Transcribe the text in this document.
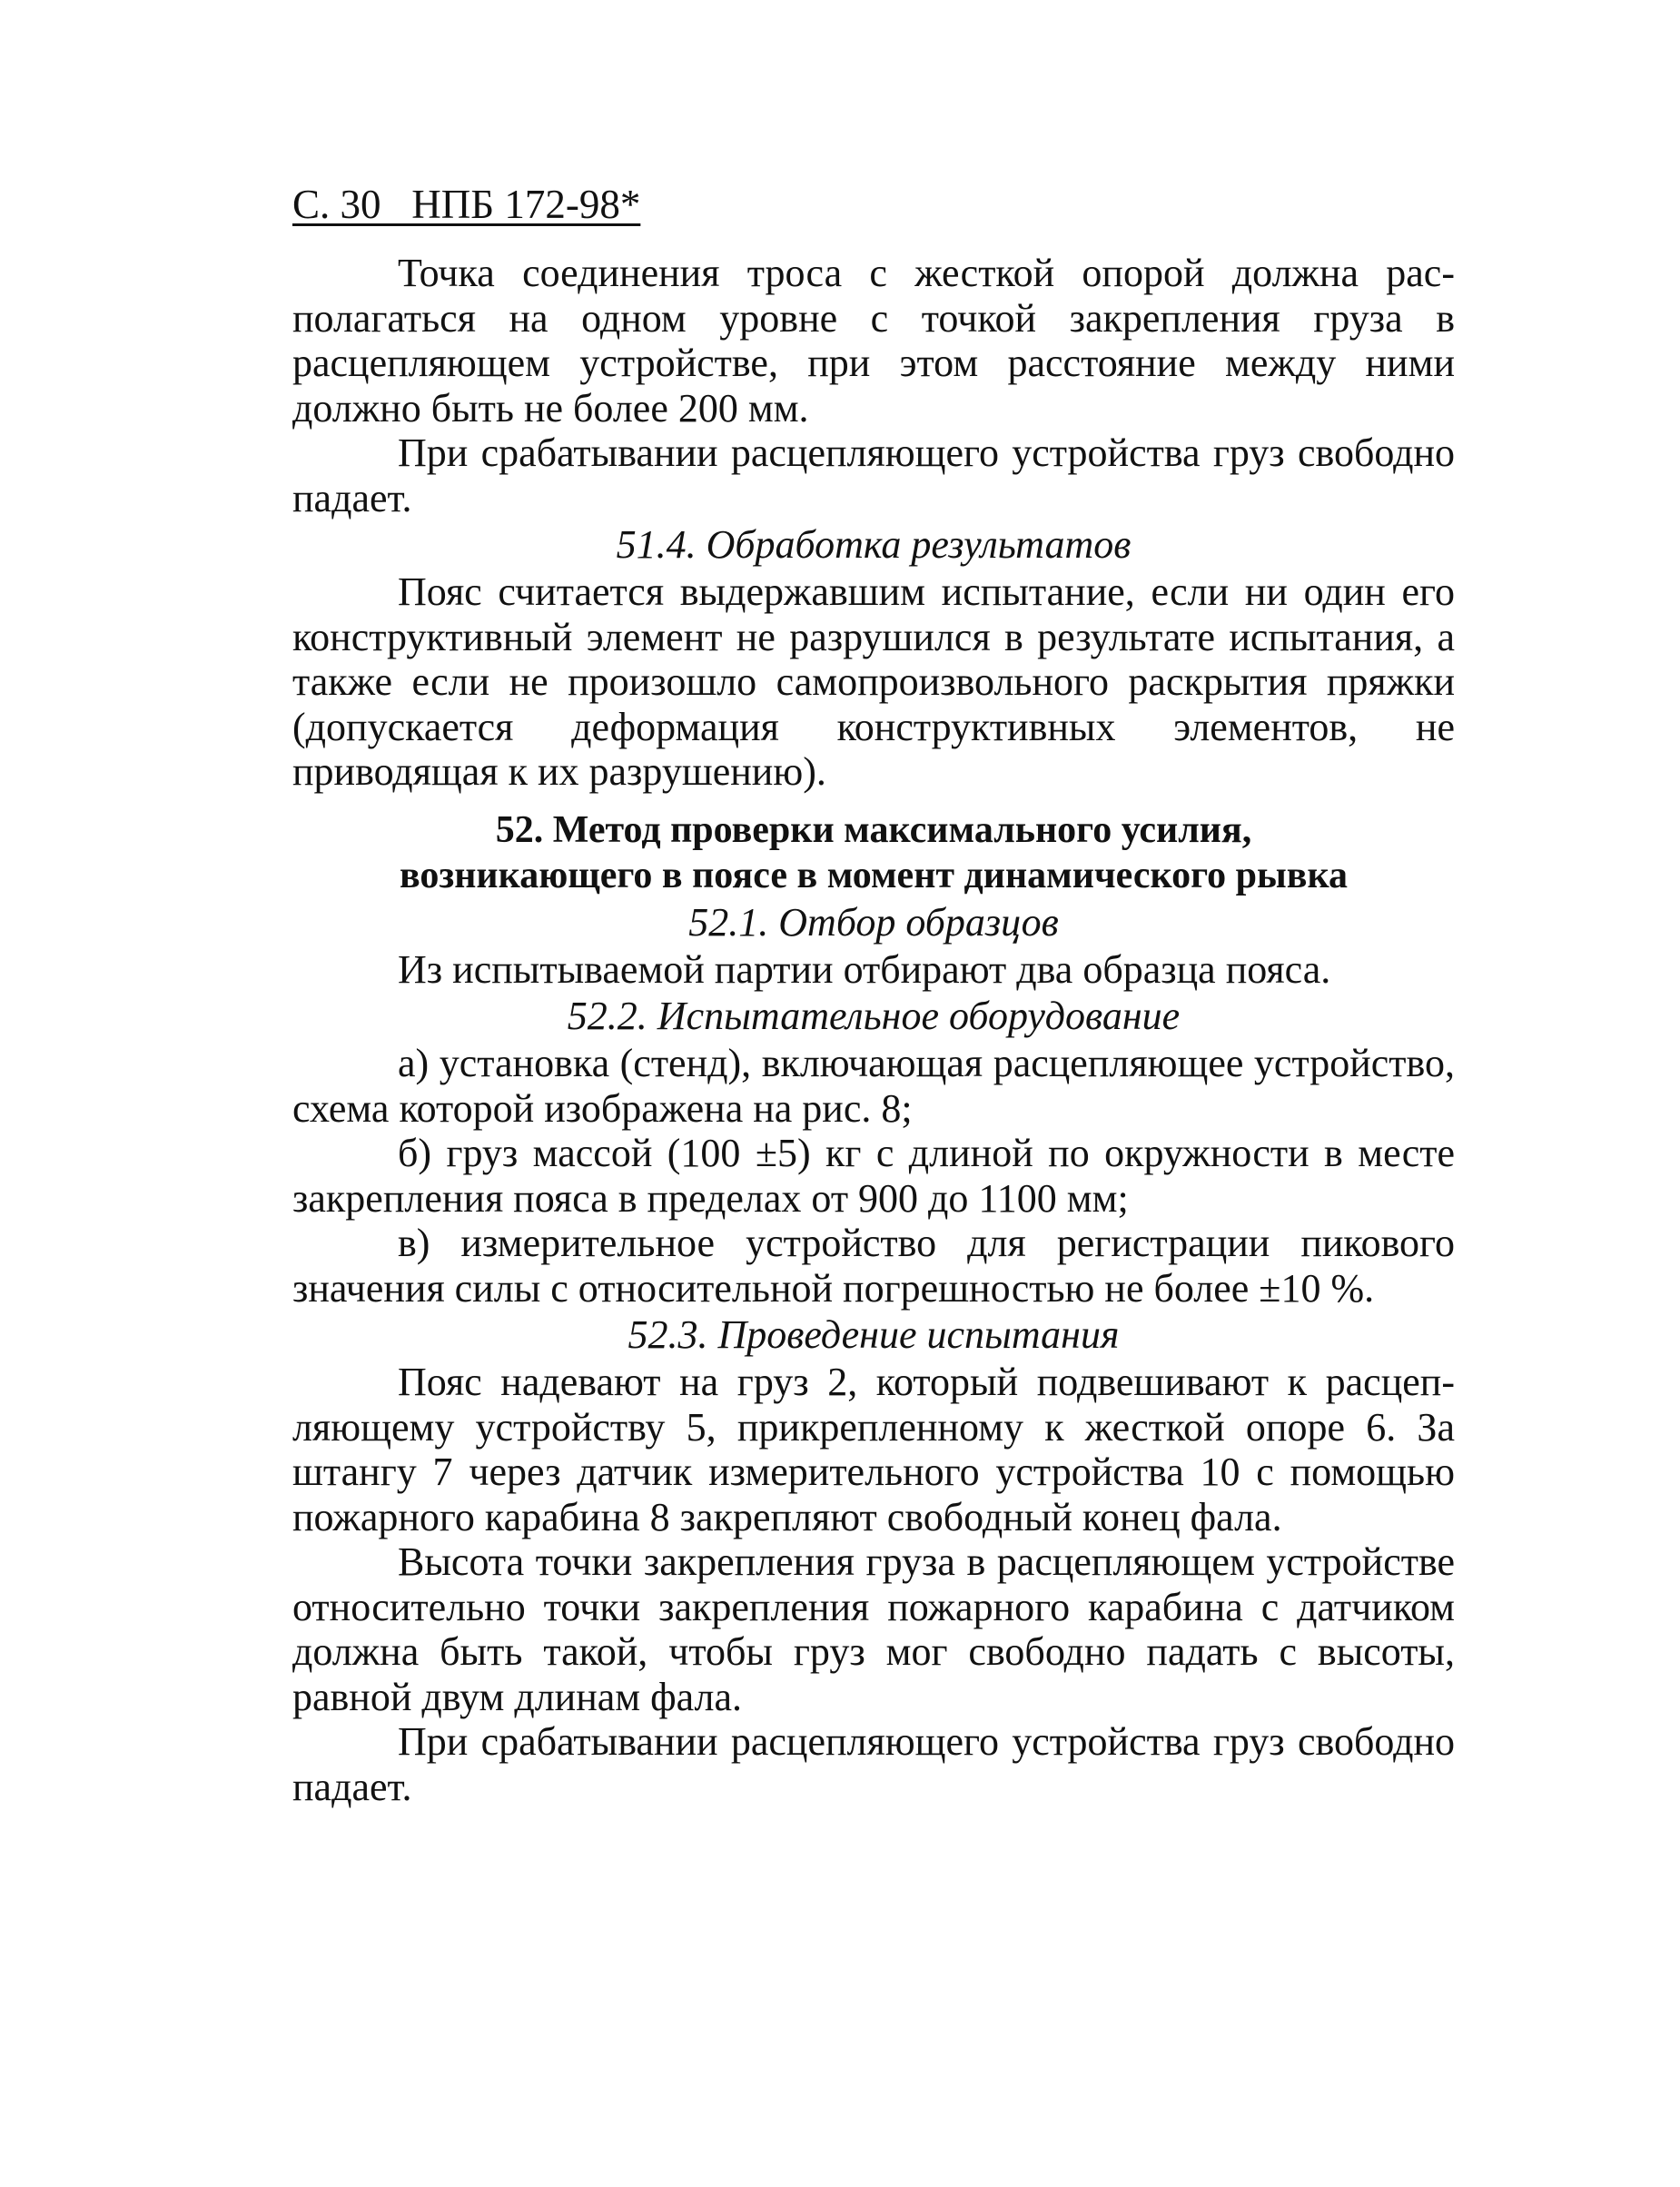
С. 30   НПБ 172-98*

Точка соединения троса с жесткой опорой должна располагаться на одном уровне с точкой закрепления груза в расцепляющем устройстве, при этом расстояние между ними должно быть не более 200 мм.

При срабатывании расцепляющего устройства груз свободно падает.

51.4. Обработка результатов

Пояс считается выдержавшим испытание, если ни один его конструктивный элемент не разрушился в результате испытания, а также если не произошло самопроизвольного раскрытия пряжки (допускается деформация конструктивных элементов, не приводящая к их разрушению).

52. Метод проверки максимального усилия,
возникающего в поясе в момент динамического рывка
52.1. Отбор образцов

Из испытываемой партии отбирают два образца пояса.

52.2. Испытательное оборудование

а) установка (стенд), включающая расцепляющее устройство, схема которой изображена на рис. 8;

б) груз массой (100 ±5) кг с длиной по окружности в месте закрепления пояса в пределах от 900 до 1100 мм;

в) измерительное устройство для регистрации пикового значения силы с относительной погрешностью не более ±10 %.

52.3. Проведение испытания

Пояс надевают на груз 2, который подвешивают к расцепляющему устройству 5, прикрепленному к жесткой опоре 6. За штангу 7 через датчик измерительного устройства 10 с помощью пожарного карабина 8 закрепляют свободный конец фала.

Высота точки закрепления груза в расцепляющем устройстве относительно точки закрепления пожарного карабина с датчиком должна быть такой, чтобы груз мог свободно падать с высоты, равной двум длинам фала.

При срабатывании расцепляющего устройства груз свободно падает.
